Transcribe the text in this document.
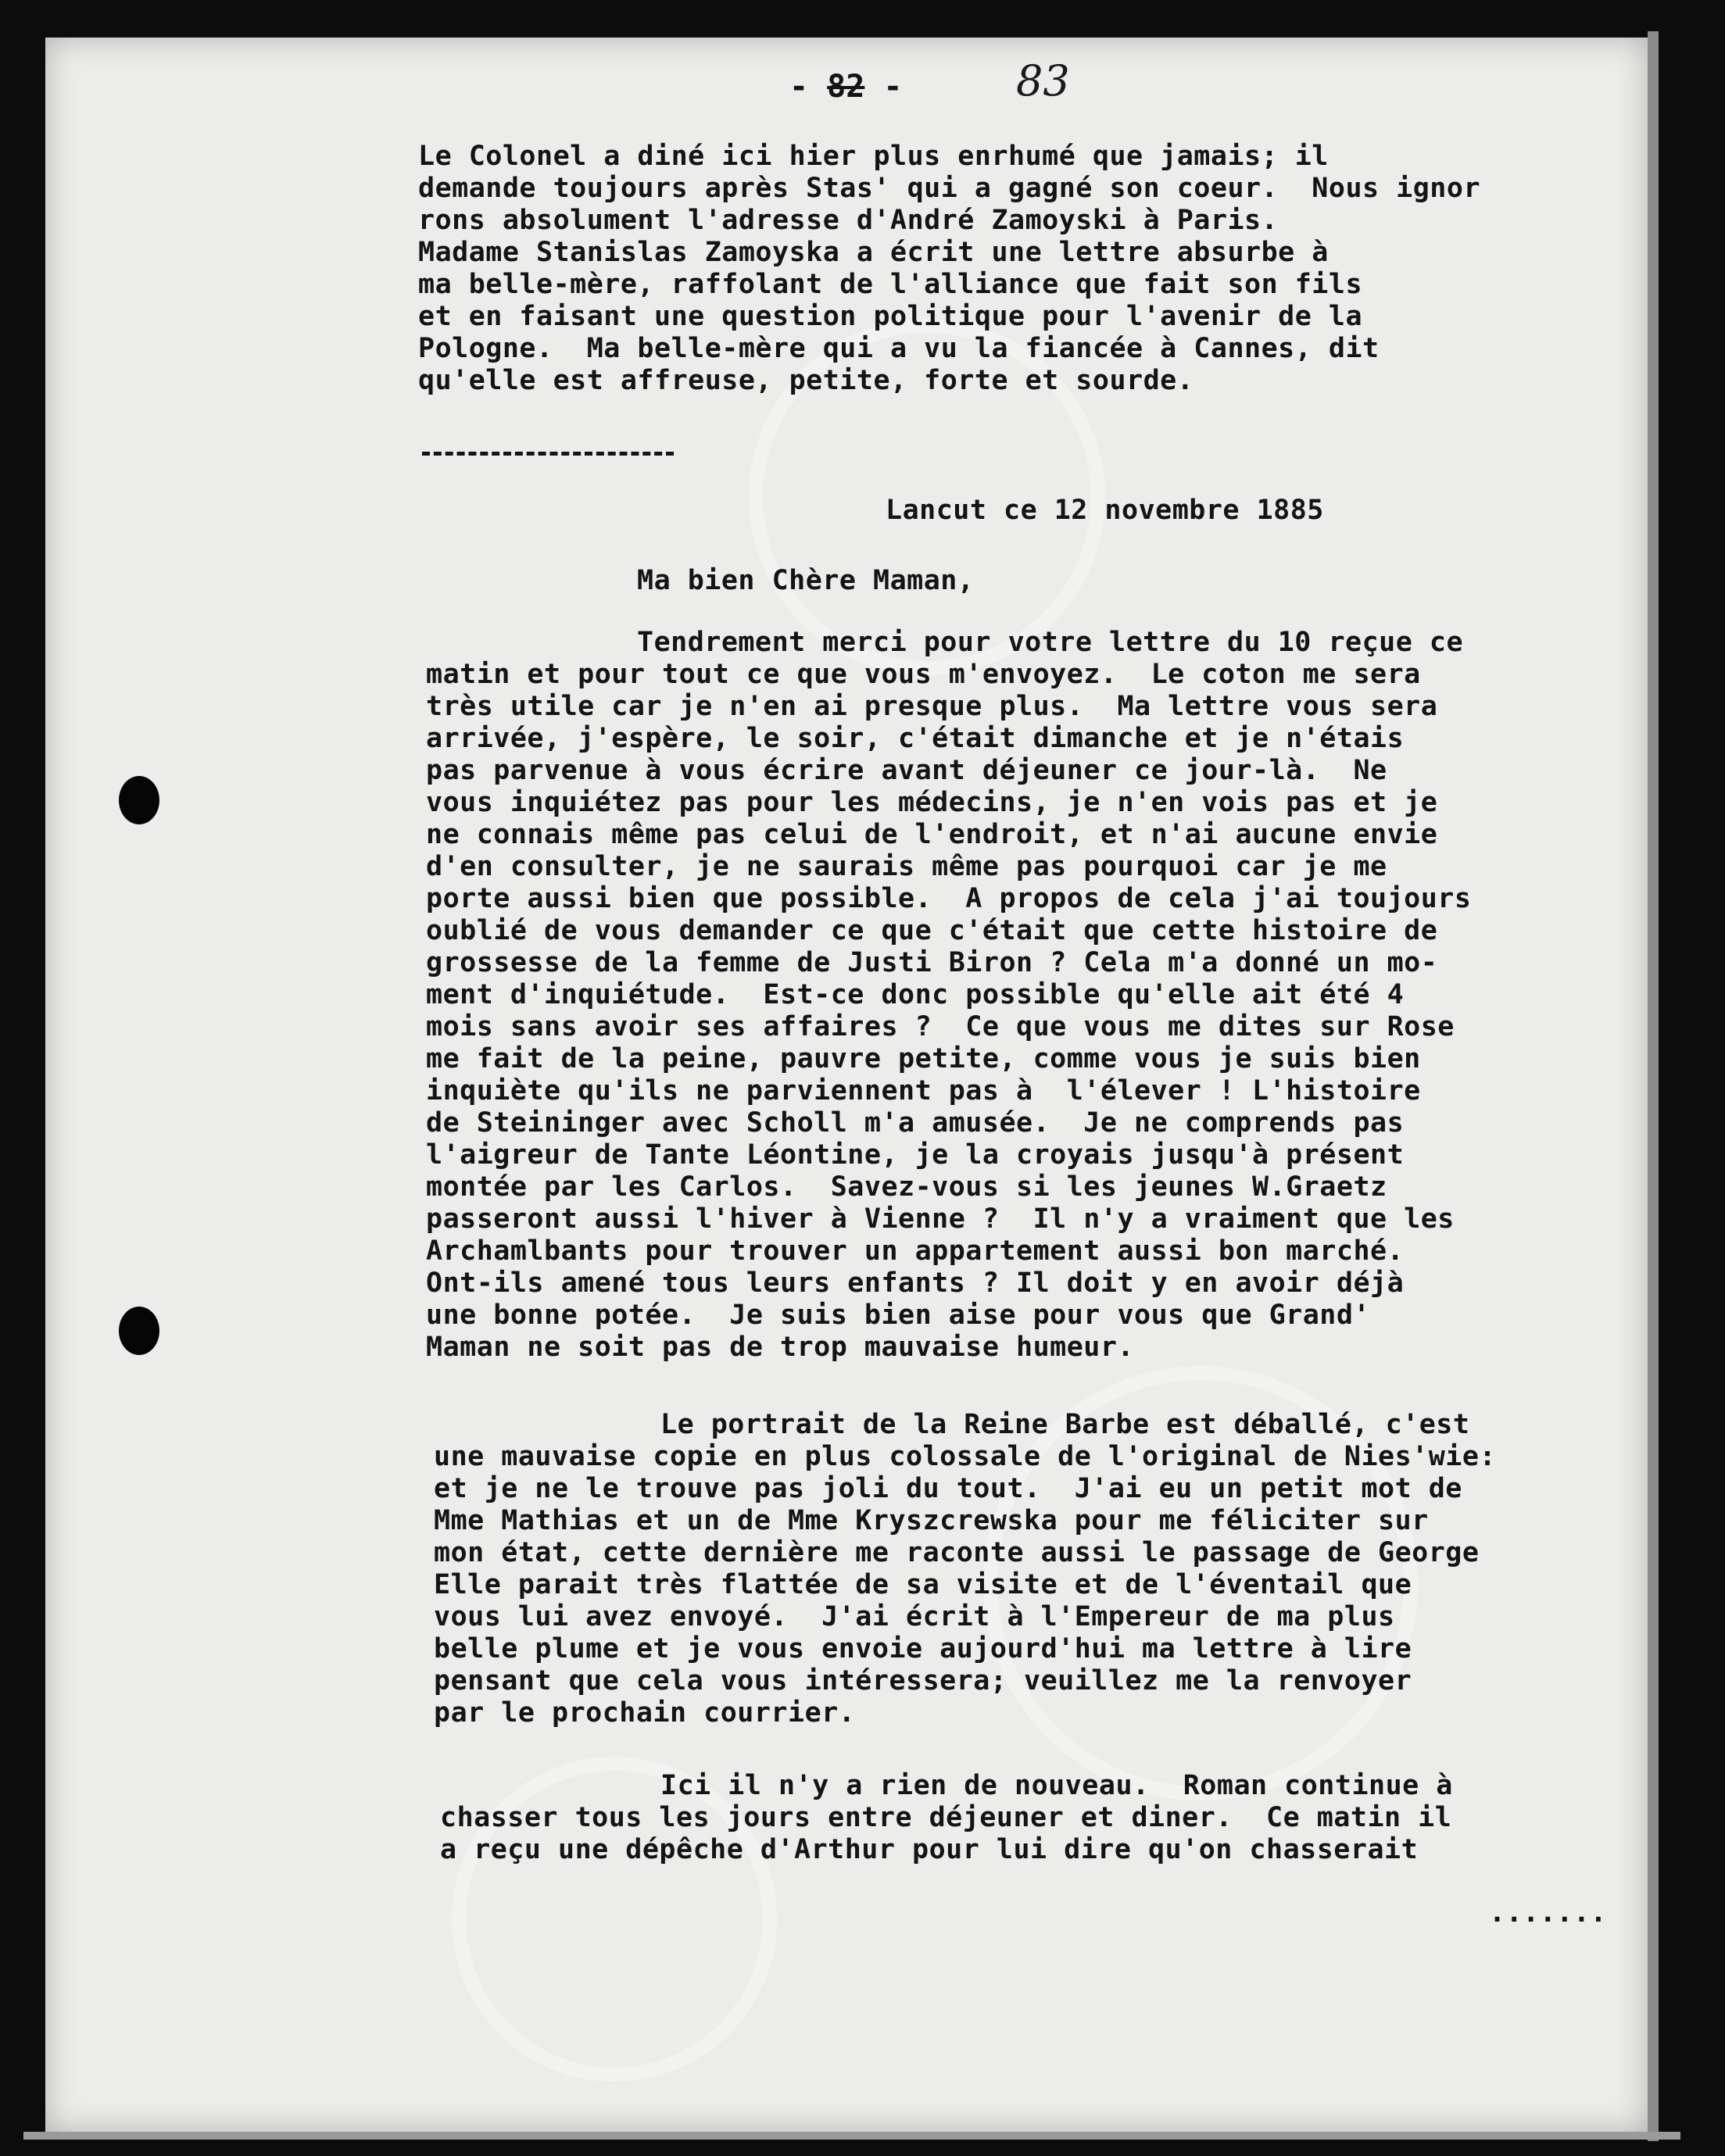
- 82 -	83

Le Colonel a diné ici hier plus enrhumé que jamais; il

demande toujours après Stas' qui a gagné son coeur.  Nous ignor

rons absolument l'adresse d'André Zamoyski à Paris.

Madame Stanislas Zamoyska a écrit une lettre absurbe à

ma belle-mère, raffolant de l'alliance que fait son fils

et en faisant une question politique pour l'avenir de la

Pologne.  Ma belle-mère qui a vu la fiancée à Cannes, dit

qu'elle est affreuse, petite, forte et sourde.

Lancut ce 12 novembre 1885

Ma bien Chère Maman,

Tendrement merci pour votre lettre du 10 reçue ce

matin et pour tout ce que vous m'envoyez.  Le coton me sera

très utile car je n'en ai presque plus.  Ma lettre vous sera

arrivée, j'espère, le soir, c'était dimanche et je n'étais

pas parvenue à vous écrire avant déjeuner ce jour-là.  Ne

vous inquiétez pas pour les médecins, je n'en vois pas et je

ne connais même pas celui de l'endroit, et n'ai aucune envie

d'en consulter, je ne saurais même pas pourquoi car je me

porte aussi bien que possible.  A propos de cela j'ai toujours

oublié de vous demander ce que c'était que cette histoire de

grossesse de la femme de Justi Biron ? Cela m'a donné un mo-

ment d'inquiétude.  Est-ce donc possible qu'elle ait été 4

mois sans avoir ses affaires ?  Ce que vous me dites sur Rose

me fait de la peine, pauvre petite, comme vous je suis bien

inquiète qu'ils ne parviennent pas à  l'élever ! L'histoire

de Steininger avec Scholl m'a amusée.  Je ne comprends pas

l'aigreur de Tante Léontine, je la croyais jusqu'à présent

montée par les Carlos.  Savez-vous si les jeunes W.Graetz

passeront aussi l'hiver à Vienne ?  Il n'y a vraiment que les

Archamlbants pour trouver un appartement aussi bon marché.

Ont-ils amené tous leurs enfants ? Il doit y en avoir déjà

une bonne potée.  Je suis bien aise pour vous que Grand'

Maman ne soit pas de trop mauvaise humeur.

Le portrait de la Reine Barbe est déballé, c'est

une mauvaise copie en plus colossale de l'original de Nies'wie:

et je ne le trouve pas joli du tout.  J'ai eu un petit mot de

Mme Mathias et un de Mme Kryszcrewska pour me féliciter sur

mon état, cette dernière me raconte aussi le passage de George

Elle parait très flattée de sa visite et de l'éventail que

vous lui avez envoyé.  J'ai écrit à l'Empereur de ma plus

belle plume et je vous envoie aujourd'hui ma lettre à lire

pensant que cela vous intéressera; veuillez me la renvoyer

par le prochain courrier.

Ici il n'y a rien de nouveau.  Roman continue à

chasser tous les jours entre déjeuner et diner.  Ce matin il

a reçu une dépêche d'Arthur pour lui dire qu'on chasserait

.......
